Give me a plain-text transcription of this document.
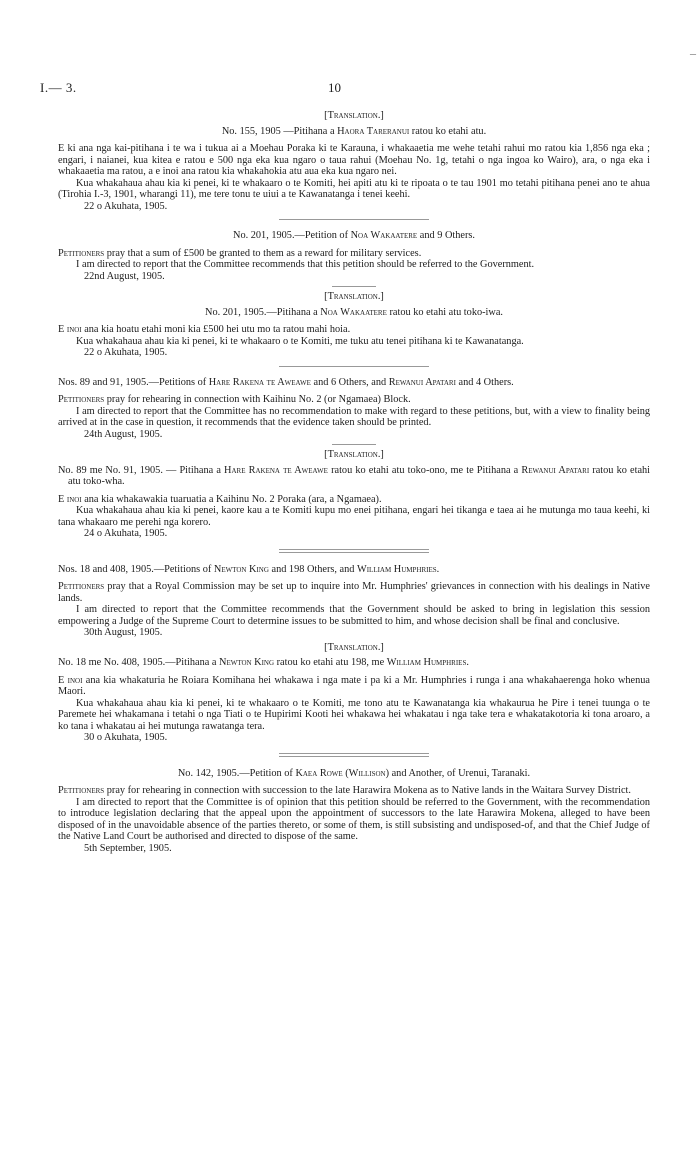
–
I.— 3.	10

[Translation.]

No. 155, 1905 —Pitihana a Haora Tareranui ratou ko etahi atu.

E ki ana nga kai-pitihana i te wa i tukua ai a Moehau Poraka ki te Karauna, i whakaaetia me wehe tetahi rahui mo ratou kia 1,856 nga eka ; engari, i naianei, kua kitea e ratou e 500 nga eka kua ngaro o taua rahui (Moehau No. 1g, tetahi o nga ingoa ko Wairo), ara, o nga eka i whakaaetia ma ratou, a e inoi ana ratou kia whakahokia atu aua eka kua ngaro nei.

Kua whakahaua ahau kia ki penei, ki te whakaaro o te Komiti, hei apiti atu ki te ripoata o te tau 1901 mo tetahi pitihana penei ano te ahua (Tirohia I.-3, 1901, wharangi 11), me tere tonu te uiui a te Kawanatanga i tenei keehi.

22 o Akuhata, 1905.

No. 201, 1905.—Petition of Noa Wakaatere and 9 Others.

Petitioners pray that a sum of £500 be granted to them as a reward for military services.

I am directed to report that the Committee recommends that this petition should be referred to the Government.

22nd August, 1905.

[Translation.]

No. 201, 1905.—Pitihana a Noa Wakaatere ratou ko etahi atu toko-iwa.

E inoi ana kia hoatu etahi moni kia £500 hei utu mo ta ratou mahi hoia.

Kua whakahaua ahau kia ki penei, ki te whakaaro o te Komiti, me tuku atu tenei pitihana ki te Kawanatanga.

22 o Akuhata, 1905.

Nos. 89 and 91, 1905.—Petitions of Hare Rakena te Aweawe and 6 Others, and Rewanui Apatari and 4 Others.

Petitioners pray for rehearing in connection with Kaihinu No. 2 (or Ngamaea) Block.

I am directed to report that the Committee has no recommendation to make with regard to these petitions, but, with a view to finality being arrived at in the case in question, it recommends that the evidence taken should be printed.

24th August, 1905.

[Translation.]

No. 89 me No. 91, 1905. — Pitihana a Hare Rakena te Aweawe ratou ko etahi atu toko-ono, me te Pitihana a Rewanui Apatari ratou ko etahi atu toko-wha.

E inoi ana kia whakawakia tuaruatia a Kaihinu No. 2 Poraka (ara, a Ngamaea).

Kua whakahaua ahau kia ki penei, kaore kau a te Komiti kupu mo enei pitihana, engari hei tikanga e taea ai he mutunga mo taua keehi, ki tana whakaaro me perehi nga korero.

24 o Akuhata, 1905.

Nos. 18 and 408, 1905.—Petitions of Newton King and 198 Others, and William Humphries.

Petitioners pray that a Royal Commission may be set up to inquire into Mr. Humphries' grievances in connection with his dealings in Native lands.

I am directed to report that the Committee recommends that the Government should be asked to bring in legislation this session empowering a Judge of the Supreme Court to determine issues to be submitted to him, and whose decision shall be final and conclusive.

30th August, 1905.

[Translation.]

No. 18 me No. 408, 1905.—Pitihana a Newton King ratou ko etahi atu 198, me William Humphries.

E inoi ana kia whakaturia he Roiara Komihana hei whakawa i nga mate i pa ki a Mr. Humphries i runga i ana whakahaerenga hoko whenua Maori.

Kua whakahaua ahau kia ki penei, ki te whakaaro o te Komiti, me tono atu te Kawanatanga kia whakaurua he Pire i tenei tuunga o te Paremete hei whakamana i tetahi o nga Tiati o te Hupirimi Kooti hei whakawa hei whakatau i nga take tera e whakatakotoria ki tona aroaro, a ko tana i whakatau ai hei mutunga rawatanga tera.

30 o Akuhata, 1905.

No. 142, 1905.—Petition of Kaea Rowe (Willison) and Another, of Urenui, Taranaki.

Petitioners pray for rehearing in connection with succession to the late Harawira Mokena as to Native lands in the Waitara Survey District.

I am directed to report that the Committee is of opinion that this petition should be referred to the Government, with the recommendation to introduce legislation declaring that the appeal upon the appointment of successors to the late Harawira Mokena, alleged to have been disposed of in the unavoidable absence of the parties thereto, or some of them, is still subsisting and undisposed-of, and that the Chief Judge of the Native Land Court be authorised and directed to dispose of the same.

5th September, 1905.
